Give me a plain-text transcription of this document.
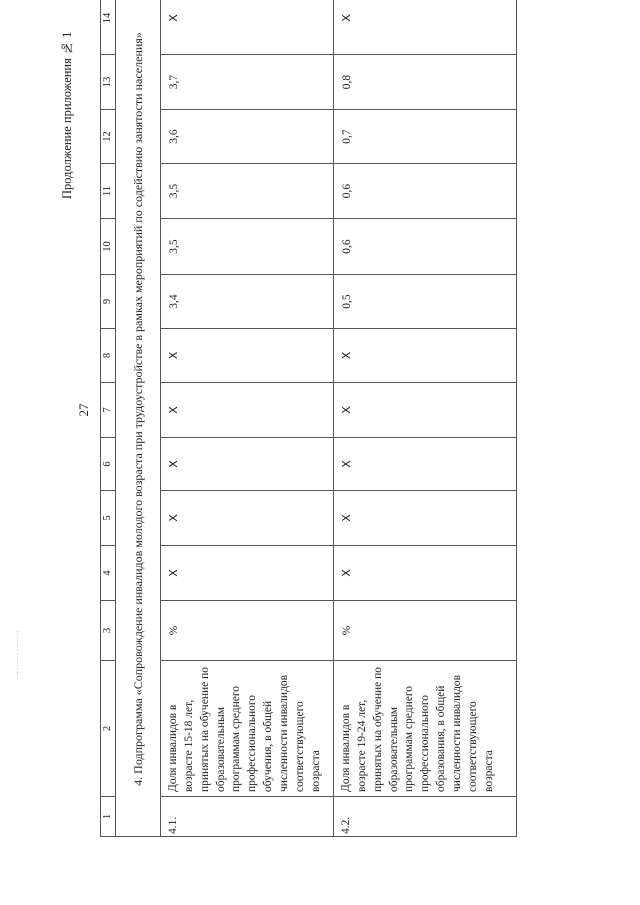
27
Продолжение приложения № 1
· ·· ·· ··· ·· ·· ·· ··
1	2	3	4	5	6	7	8	9	10	11	12	13	14
4. Подпрограмма «Сопровождение инвалидов молодого возраста при трудоустройстве в рамках мероприятий по содействию занятости населения»													
4.1.	Доля инвалидов в возрасте 15-18 лет, принятых на обучение по образовательным программам среднего профессионального обучения, в общей численности инвалидов соответствующего возраста	%	X	X	X	X	X	3,4	3,5	3,5	3,6	3,7	X
4.2.	Доля инвалидов в возрасте 19-24 лет, принятых на обучение по образовательным программам среднего профессионального образования, в общей численности инвалидов соответствующего возраста	%	X	X	X	X	X	0,5	0,6	0,6	0,7	0,8	X
